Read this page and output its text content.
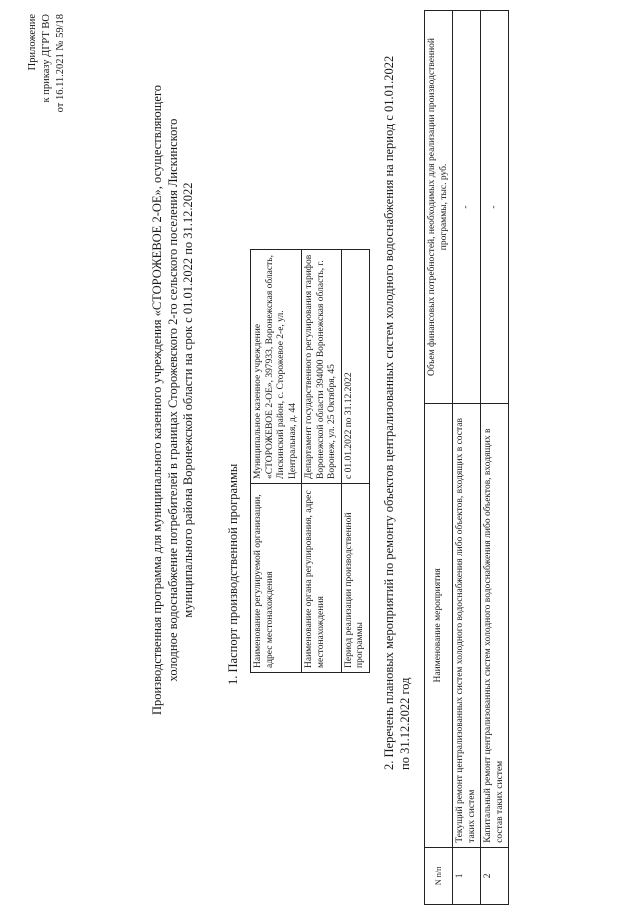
Приложение к приказу ДГРТ ВО от 16.11.2021 № 59/18
Производственная программа для муниципального казенного учреждения «СТОРОЖЕВОЕ 2-ОЕ», осуществляющего холодное водоснабжение потребителей в границах Сторожевского 2-го сельского поселения Лискинского муниципального района Воронежской области на срок с 01.01.2022 по 31.12.2022 1. Паспорт производственной программы Наименование регулируемой организации, адрес местонахождения	Муниципальное казенное учреждение «СТОРОЖЕВОЕ 2-ОЕ», 397933, Воронежская область, Лискинский район, с. Сторожевое 2-е, ул. Центральная, д. 44
Наименование органа регулирования, адрес местонахождения	Департамент государственного регулирования тарифов Воронежской области 394000 Воронежская область, г. Воронеж, ул. 25 Октября, 45
Период реализации производственной программы	с 01.01.2022 по 31.12.2022 2. Перечень плановых мероприятий по ремонту объектов централизованных систем холодного водоснабжения на период с 01.01.2022 по 31.12.2022 год
N п/п	Наименование мероприятия	Объем финансовых потребностей, необходимых для реализации производственной программы, тыс. руб.
1	Текущий ремонт централизованных систем холодного водоснабжения либо объектов, входящих в состав таких систем	-
2	Капитальный ремонт централизованных систем холодного водоснабжения либо объектов, входящих в состав таких систем	-
